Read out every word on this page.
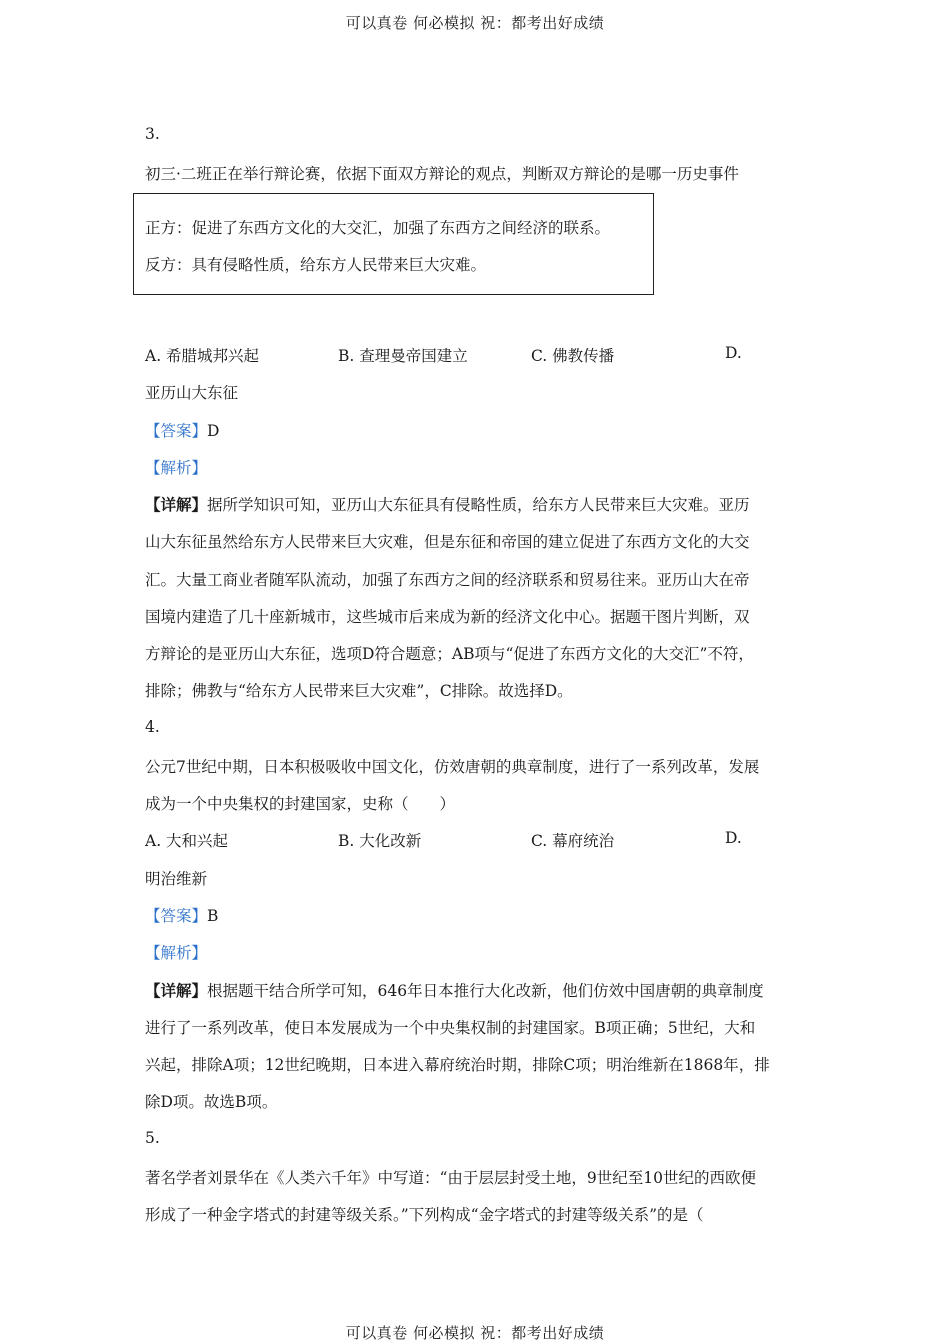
可以真卷 何必模拟 祝：都考出好成绩
3.
初三·二班正在举行辩论赛，依据下面双方辩论的观点，判断双方辩论的是哪一历史事件
A. 希腊城邦兴起	B. 查理曼帝国建立	C. 佛教传播	D.
亚历山大东征
【答案】D
【解析】
【详解】据所学知识可知，亚历山大东征具有侵略性质，给东方人民带来巨大灾难。亚历
山大东征虽然给东方人民带来巨大灾难，但是东征和帝国的建立促进了东西方文化的大交
汇。大量工商业者随军队流动，加强了东西方之间的经济联系和贸易往来。亚历山大在帝
国境内建造了几十座新城市，这些城市后来成为新的经济文化中心。据题干图片判断，双
方辩论的是亚历山大东征，选项D符合题意；AB项与“促进了东西方文化的大交汇”不符，
排除；佛教与“给东方人民带来巨大灾难”，C排除。故选择D。
4.
公元7世纪中期，日本积极吸收中国文化，仿效唐朝的典章制度，进行了一系列改革，发展
成为一个中央集权的封建国家，史称（　　）
A. 大和兴起	B. 大化改新	C. 幕府统治	D.
明治维新
【答案】B
【解析】
【详解】根据题干结合所学可知，646年日本推行大化改新，他们仿效中国唐朝的典章制度
进行了一系列改革，使日本发展成为一个中央集权制的封建国家。B项正确；5世纪，大和
兴起，排除A项；12世纪晚期，日本进入幕府统治时期，排除C项；明治维新在1868年，排
除D项。故选B项。
5.
著名学者刘景华在《人类六千年》中写道：“由于层层封受土地，9世纪至10世纪的西欧便
形成了一种金字塔式的封建等级关系。”下列构成“金字塔式的封建等级关系”的是（
正方：促进了东西方文化的大交汇，加强了东西方之间经济的联系。
反方：具有侵略性质，给东方人民带来巨大灾难。
可以真卷 何必模拟 祝：都考出好成绩
